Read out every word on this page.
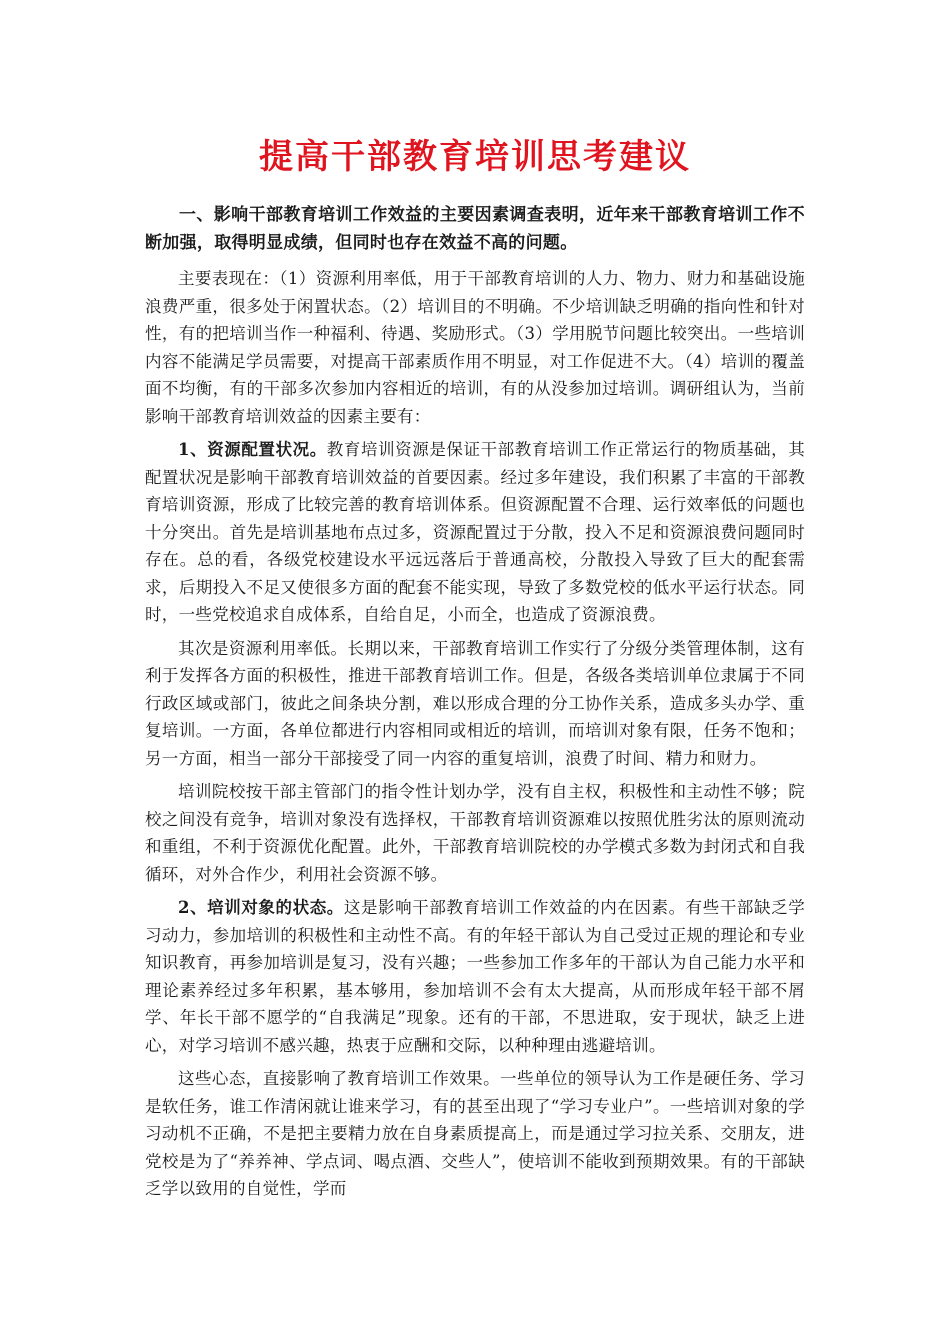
提高干部教育培训思考建议

一、影响干部教育培训工作效益的主要因素调查表明，近年来干部教育培训工作不断加强，取得明显成绩，但同时也存在效益不高的问题。

主要表现在：（1）资源利用率低，用于干部教育培训的人力、物力、财力和基础设施浪费严重，很多处于闲置状态。（2）培训目的不明确。不少培训缺乏明确的指向性和针对性，有的把培训当作一种福利、待遇、奖励形式。（3）学用脱节问题比较突出。一些培训内容不能满足学员需要，对提高干部素质作用不明显，对工作促进不大。（4）培训的覆盖面不均衡，有的干部多次参加内容相近的培训，有的从没参加过培训。调研组认为，当前影响干部教育培训效益的因素主要有：

1、资源配置状况。教育培训资源是保证干部教育培训工作正常运行的物质基础，其配置状况是影响干部教育培训效益的首要因素。经过多年建设，我们积累了丰富的干部教育培训资源，形成了比较完善的教育培训体系。但资源配置不合理、运行效率低的问题也十分突出。首先是培训基地布点过多，资源配置过于分散，投入不足和资源浪费问题同时存在。总的看，各级党校建设水平远远落后于普通高校，分散投入导致了巨大的配套需求，后期投入不足又使很多方面的配套不能实现，导致了多数党校的低水平运行状态。同时，一些党校追求自成体系，自给自足，小而全，也造成了资源浪费。

其次是资源利用率低。长期以来，干部教育培训工作实行了分级分类管理体制，这有利于发挥各方面的积极性，推进干部教育培训工作。但是，各级各类培训单位隶属于不同行政区域或部门，彼此之间条块分割，难以形成合理的分工协作关系，造成多头办学、重复培训。一方面，各单位都进行内容相同或相近的培训，而培训对象有限，任务不饱和；另一方面，相当一部分干部接受了同一内容的重复培训，浪费了时间、精力和财力。

培训院校按干部主管部门的指令性计划办学，没有自主权，积极性和主动性不够；院校之间没有竞争，培训对象没有选择权，干部教育培训资源难以按照优胜劣汰的原则流动和重组，不利于资源优化配置。此外，干部教育培训院校的办学模式多数为封闭式和自我循环，对外合作少，利用社会资源不够。

2、培训对象的状态。这是影响干部教育培训工作效益的内在因素。有些干部缺乏学习动力，参加培训的积极性和主动性不高。有的年轻干部认为自己受过正规的理论和专业知识教育，再参加培训是复习，没有兴趣；一些参加工作多年的干部认为自己能力水平和理论素养经过多年积累，基本够用，参加培训不会有太大提高，从而形成年轻干部不屑学、年长干部不愿学的“自我满足”现象。还有的干部，不思进取，安于现状，缺乏上进心，对学习培训不感兴趣，热衷于应酬和交际，以种种理由逃避培训。

这些心态，直接影响了教育培训工作效果。一些单位的领导认为工作是硬任务、学习是软任务，谁工作清闲就让谁来学习，有的甚至出现了“学习专业户”。一些培训对象的学习动机不正确，不是把主要精力放在自身素质提高上，而是通过学习拉关系、交朋友，进党校是为了“养养神、学点词、喝点酒、交些人”，使培训不能收到预期效果。有的干部缺乏学以致用的自觉性，学而
